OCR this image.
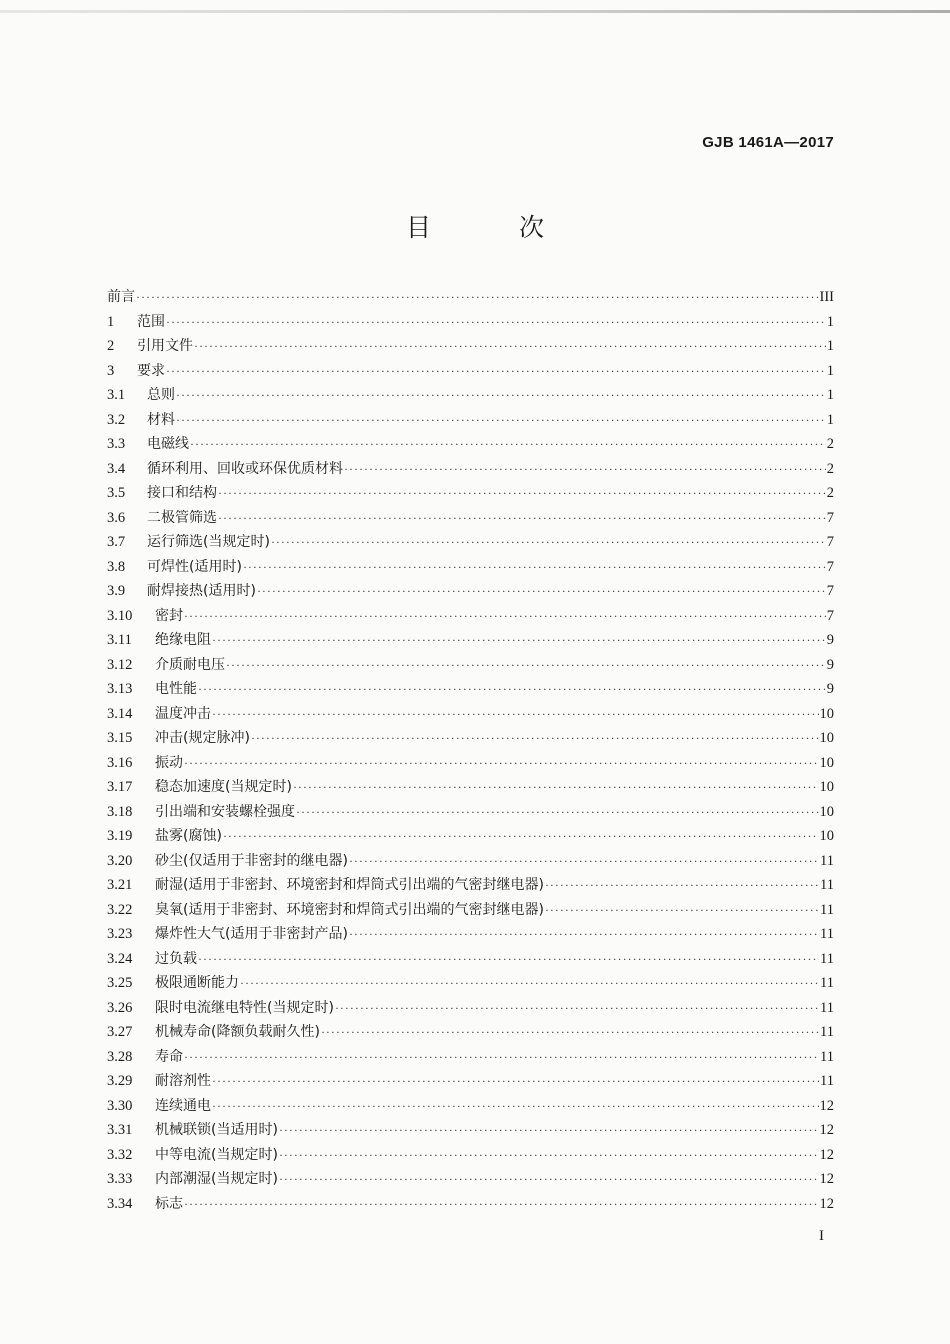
GJB 1461A—2017
目 次
前言 ·····	III
1	范围 ·····	1
2	引用文件 ·····	1
3	要求 ·····	1
3.1	总则 ·····	1
3.2	材料 ·····	1
3.3	电磁线 ·····	2
3.4	循环利用、回收或环保优质材料 ·····	2
3.5	接口和结构 ·····	2
3.6	二极管筛选 ·····	7
3.7	运行筛选(当规定时) ·····	7
3.8	可焊性(适用时) ·····	7
3.9	耐焊接热(适用时) ·····	7
3.10	密封 ·····	7
3.11	绝缘电阻 ·····	9
3.12	介质耐电压 ·····	9
3.13	电性能 ·····	9
3.14	温度冲击 ·····	10
3.15	冲击(规定脉冲) ·····	10
3.16	振动 ·····	10
3.17	稳态加速度(当规定时) ·····	10
3.18	引出端和安装螺栓强度 ·····	10
3.19	盐雾(腐蚀) ·····	10
3.20	砂尘(仅适用于非密封的继电器) ·····	11
3.21	耐湿(适用于非密封、环境密封和焊筒式引出端的气密封继电器) ·····	11
3.22	臭氧(适用于非密封、环境密封和焊筒式引出端的气密封继电器) ·····	11
3.23	爆炸性大气(适用于非密封产品) ·····	11
3.24	过负载 ·····	11
3.25	极限通断能力 ·····	11
3.26	限时电流继电特性(当规定时) ·····	11
3.27	机械寿命(降额负载耐久性) ·····	11
3.28	寿命 ·····	11
3.29	耐溶剂性 ·····	11
3.30	连续通电 ·····	12
3.31	机械联锁(当适用时) ·····	12
3.32	中等电流(当规定时) ·····	12
3.33	内部潮湿(当规定时) ·····	12
3.34	标志 ·····	12
I
